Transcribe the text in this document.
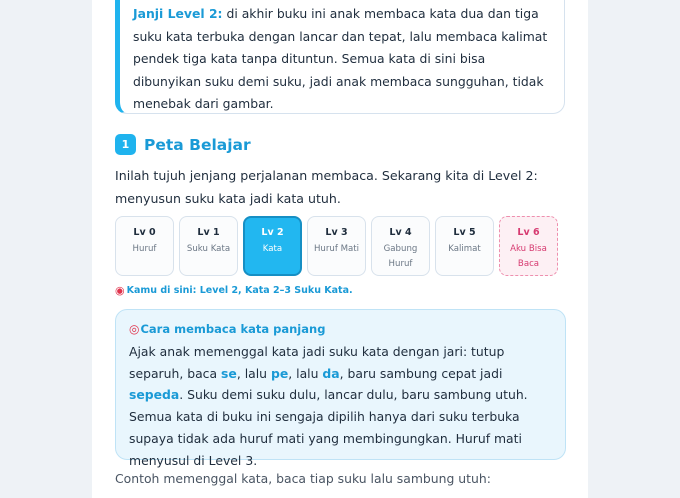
Janji Level 2: di akhir buku ini anak membaca kata dua dan tiga suku kata terbuka dengan lancar dan tepat, lalu membaca kalimat pendek tiga kata tanpa dituntun. Semua kata di sini bisa dibunyikan suku demi suku, jadi anak membaca sungguhan, tidak menebak dari gambar.
1 Peta Belajar
Inilah tujuh jenjang perjalanan membaca. Sekarang kita di Level 2: menyusun suku kata jadi kata utuh.
Lv 0
Huruf
Lv 1
Suku Kata
Lv 2
Kata
Lv 3
Huruf Mati
Lv 4
Gabung Huruf
Lv 5
Kalimat
Lv 6
Aku Bisa Baca
◉ Kamu di sini: Level 2, Kata 2–3 Suku Kata.
◎ Cara membaca kata panjang
Ajak anak memenggal kata jadi suku kata dengan jari: tutup separuh, baca se, lalu pe, lalu da, baru sambung cepat jadi sepeda. Suku demi suku dulu, lancar dulu, baru sambung utuh. Semua kata di buku ini sengaja dipilih hanya dari suku terbuka supaya tidak ada huruf mati yang membingungkan. Huruf mati menyusul di Level 3.
Contoh memenggal kata, baca tiap suku lalu sambung utuh:
